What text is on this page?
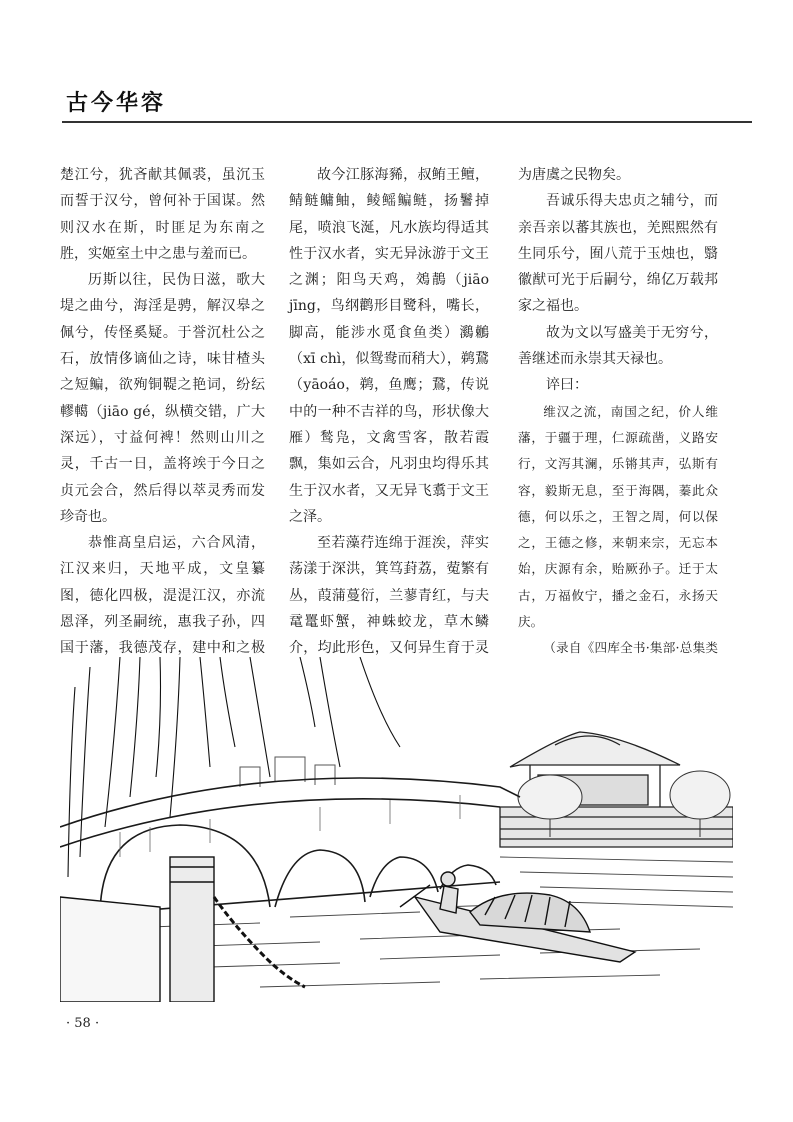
古今华容

楚江兮，犹吝献其佩裘，虽沉玉而誓于汉兮，曾何补于国谋。然则汉水在斯，时匪足为东南之胜，实姬室土中之患与羞而已。

历斯以往，民伪日滋，歌大堤之曲兮，海淫是骋，解汉皋之佩兮，传怪奚疑。于誉沉杜公之石，放情侈谪仙之诗，味甘楂头之短鳊，欲殉铜鞮之艳词，纷纭轇轕（jiāo gé，纵横交错，广大深远），寸益何裨！然则山川之灵，千古一日，盖将竢于今日之贞元会合，然后得以萃灵秀而发珍奇也。

恭惟髙皇启运，六合风清，江汉来归，天地平成，文皇纂图，德化四极，湜湜江汉，亦流恩泽，列圣嗣统，惠我子孙，四国于藩，我德茂存，建中和之极

故今江豚海豨，叔鲔王鳣，鲭鲢鳙鲉，鲮鳐鳊鲢，扬鬐掉尾，喷浪飞涎，凡水族均得适其性于汉水者，实无异泳游于文王之渊；阳鸟天鸡，鵁鶄（jiāo jīng，鸟纲鹳形目鹭科，嘴长，脚高，能涉水觅食鱼类）鸂鶒（xī chì，似鸳鸯而稍大），鹈鵞（yāoáo，鹈，鱼鹰；鵞，传说中的一种不吉祥的鸟，形状像大雁）鹙凫，文禽雪客，散若霞飘，集如云合，凡羽虫均得乐其生于汉水者，又无异飞翥于文王之泽。

至若藻荇连绵于涯涘，萍实荡漾于深洪，箕笃葑荔，蒬繁有丛，葭蒲蔓衍，兰蓼青红，与夫鼋鼍虾蟹，神蛛蛟龙，草木鳞介，均此形色，又何异生育于灵

为唐虞之民物矣。

吾诚乐得夫忠贞之辅兮，而亲吾亲以蕃其族也，羌熙熙然有生同乐兮，囿八荒于玉烛也，翳徽猷可光于后嗣兮，绵亿万载邦家之福也。

故为文以写盛美于无穷兮，善继述而永崇其天禄也。

谇曰：

维汉之流，南国之纪，价人维藩，于疆于理，仁源疏凿，义路安行，文泻其澜，乐锵其声，弘斯有容，毅斯无息，至于海隅，蓁此众德，何以乐之，王智之周，何以保之，王德之修，来朝来宗，无忘本始，庆源有余，贻厥孙子。迁于太古，万福攸宁，播之金石，永扬天庆。

（录自《四库全书·集部·总集类

· 58 ·
